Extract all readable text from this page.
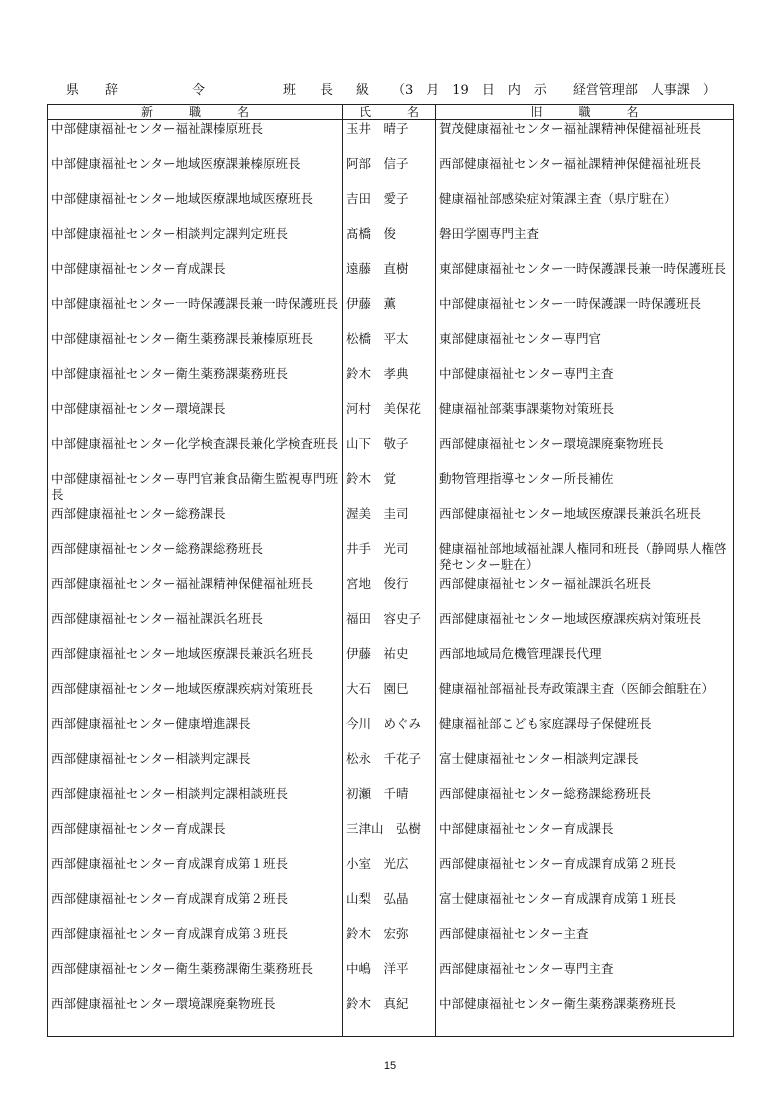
県 辞	令	班 長 級 （3　月　19　日　内　示　　経営管理部　人事課　）
新　　　職　　　名	氏　　　名	旧　　　職　　　名
中部健康福祉センター福祉課榛原班長	玉井　晴子	賀茂健康福祉センター福祉課精神保健福祉班長
中部健康福祉センター地域医療課兼榛原班長	阿部　信子	西部健康福祉センター福祉課精神保健福祉班長
中部健康福祉センター地域医療課地域医療班長	吉田　愛子	健康福祉部感染症対策課主査（県庁駐在）
中部健康福祉センター相談判定課判定班長	髙橋　俊	磐田学園専門主査
中部健康福祉センター育成課長	遠藤　直樹	東部健康福祉センター一時保護課長兼一時保護班長
中部健康福祉センター一時保護課長兼一時保護班長	伊藤　薫	中部健康福祉センター一時保護課一時保護班長
中部健康福祉センター衛生薬務課長兼榛原班長	松橋　平太	東部健康福祉センター専門官
中部健康福祉センター衛生薬務課薬務班長	鈴木　孝典	中部健康福祉センター専門主査
中部健康福祉センター環境課長	河村　美保花	健康福祉部薬事課薬物対策班長
中部健康福祉センター化学検査課長兼化学検査班長	山下　敬子	西部健康福祉センター環境課廃棄物班長
中部健康福祉センター専門官兼食品衛生監視専門班長	鈴木　覚	動物管理指導センター所長補佐
西部健康福祉センター総務課長	渥美　圭司	西部健康福祉センター地域医療課長兼浜名班長
西部健康福祉センター総務課総務班長	井手　光司	健康福祉部地域福祉課人権同和班長（静岡県人権啓発センター駐在）
西部健康福祉センター福祉課精神保健福祉班長	宮地　俊行	西部健康福祉センター福祉課浜名班長
西部健康福祉センター福祉課浜名班長	福田　容史子	西部健康福祉センター地域医療課疾病対策班長
西部健康福祉センター地域医療課長兼浜名班長	伊藤　祐史	西部地域局危機管理課長代理
西部健康福祉センター地域医療課疾病対策班長	大石　園巳	健康福祉部福祉長寿政策課主査（医師会館駐在）
西部健康福祉センター健康増進課長	今川　めぐみ	健康福祉部こども家庭課母子保健班長
西部健康福祉センター相談判定課長	松永　千花子	富士健康福祉センター相談判定課長
西部健康福祉センター相談判定課相談班長	初瀬　千晴	西部健康福祉センター総務課総務班長
西部健康福祉センター育成課長	三津山　弘樹	中部健康福祉センター育成課長
西部健康福祉センター育成課育成第１班長	小室　光広	西部健康福祉センター育成課育成第２班長
西部健康福祉センター育成課育成第２班長	山梨　弘晶	富士健康福祉センター育成課育成第１班長
西部健康福祉センター育成課育成第３班長	鈴木　宏弥	西部健康福祉センター主査
西部健康福祉センター衛生薬務課衛生薬務班長	中嶋　洋平	西部健康福祉センター専門主査
西部健康福祉センター環境課廃棄物班長	鈴木　真紀	中部健康福祉センター衛生薬務課薬務班長
15
